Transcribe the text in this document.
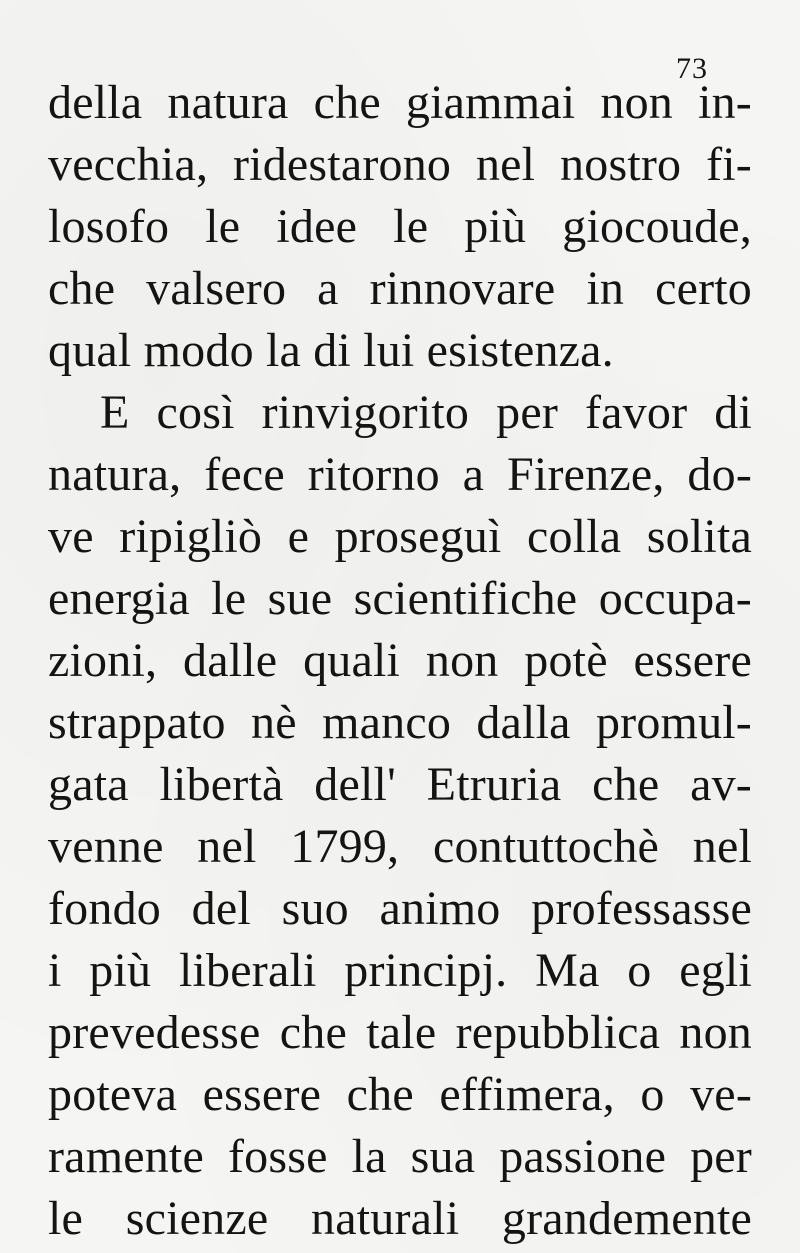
73
della natura che giammai non in-
vecchia, ridestarono nel nostro fi-
losofo le idee le più giocoude,
che valsero a rinnovare in certo
qual modo la di lui esistenza.
E così rinvigorito per favor di
natura, fece ritorno a Firenze, do-
ve ripigliò e proseguì colla solita
energia le sue scientifiche occupa-
zioni, dalle quali non potè essere
strappato nè manco dalla promul-
gata libertà dell' Etruria che av-
venne nel 1799, contuttochè nel
fondo del suo animo professasse
i più liberali principj. Ma o egli
prevedesse che tale repubblica non
poteva essere che effimera, o ve-
ramente fosse la sua passione per
le scienze naturali grandemente
